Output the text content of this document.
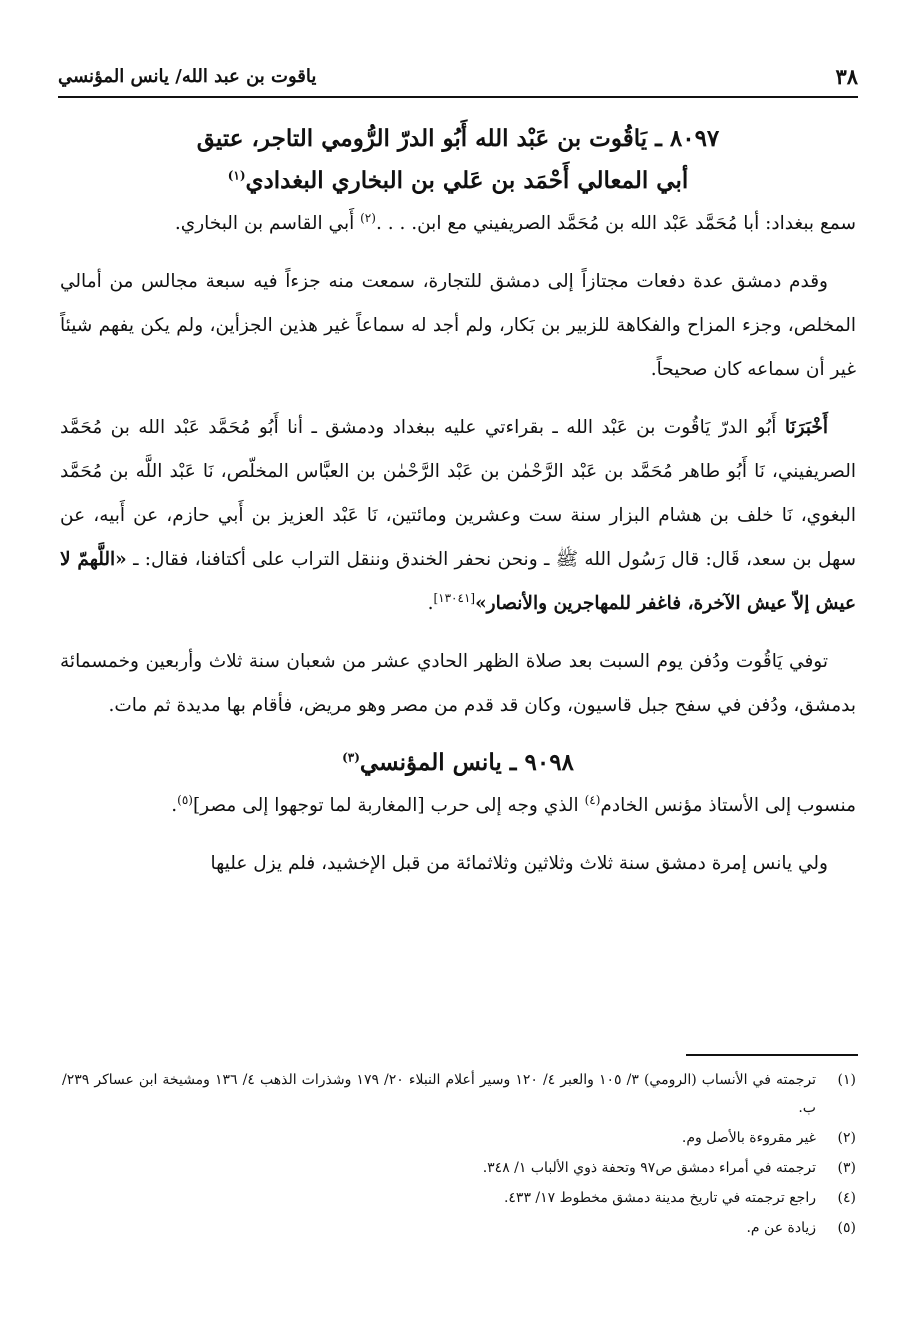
٣٨
ياقوت بن عبد الله/ يانس المؤنسي
٨٠٩٧ ـ يَاقُوت بن عَبْد الله أَبُو الدرّ الرُّومي التاجر، عتيق
أبي المعالي أَحْمَد بن عَلي بن البخاري البغدادي$^{(١)}$

سمع ببغداد: أبا مُحَمَّد عَبْد الله بن مُحَمَّد الصريفيني مع ابن. . . .$^{(٢)}$ أَبي القاسم بن البخاري.

وقدم دمشق عدة دفعات مجتازاً إلى دمشق للتجارة، سمعت منه جزءاً فيه سبعة مجالس من أمالي المخلص، وجزء المزاح والفكاهة للزبير بن بَكار، ولم أجد له سماعاً غير هذين الجزأين، ولم يكن يفهم شيئاً غير أن سماعه كان صحيحاً.

أَخْبَرَنَا أَبُو الدرّ يَاقُوت بن عَبْد الله ـ بقراءتي عليه ببغداد ودمشق ـ أنا أَبُو مُحَمَّد عَبْد الله بن مُحَمَّد الصريفيني، نَا أَبُو طاهر مُحَمَّد بن عَبْد الرَّحْمٰن بن عَبْد الرَّحْمٰن بن العبَّاس المخلّص، نَا عَبْد اللَّه بن مُحَمَّد البغوي، نَا خلف بن هشام البزار سنة ست وعشرين ومائتين، نَا عَبْد العزيز بن أَبي حازم، عن أَبيه، عن سهل بن سعد، قَال: قال رَسُول الله ﷺ ـ ونحن نحفر الخندق وننقل التراب على أكتافنا، فقال: ـ «اللَّهمّ لا عيش إلاّ عيش الآخرة، فاغفر للمهاجرين والأنصار»[١٣٠٤١].

توفي يَاقُوت ودُفن يوم السبت بعد صلاة الظهر الحادي عشر من شعبان سنة ثلاث وأربعين وخمسمائة بدمشق، ودُفن في سفح جبل قاسيون، وكان قد قدم من مصر وهو مريض، فأقام بها مديدة ثم مات.

٩٠٩٨ ـ يانس المؤنسي$^{(٣)}$

منسوب إلى الأستاذ مؤنس الخادم$^{(٤)}$ الذي وجه إلى حرب [المغاربة لما توجهوا إلى مصر]$^{(٥)}$.

ولي يانس إمرة دمشق سنة ثلاث وثلاثين وثلاثمائة من قبل الإخشيد، فلم يزل عليها

(١)
ترجمته في الأنساب (الرومي) ٣/ ١٠٥ والعبر ٤/ ١٢٠ وسير أعلام النبلاء ٢٠/ ١٧٩ وشذرات الذهب ٤/ ١٣٦ ومشيخة ابن عساكر ٢٣٩/ ب.
(٢)
غير مقروءة بالأصل وم.
(٣)
ترجمته في أمراء دمشق ص٩٧ وتحفة ذوي الألباب ١/ ٣٤٨.
(٤)
راجع ترجمته في تاريخ مدينة دمشق مخطوط ١٧/ ٤٣٣.
(٥)
زيادة عن م.
